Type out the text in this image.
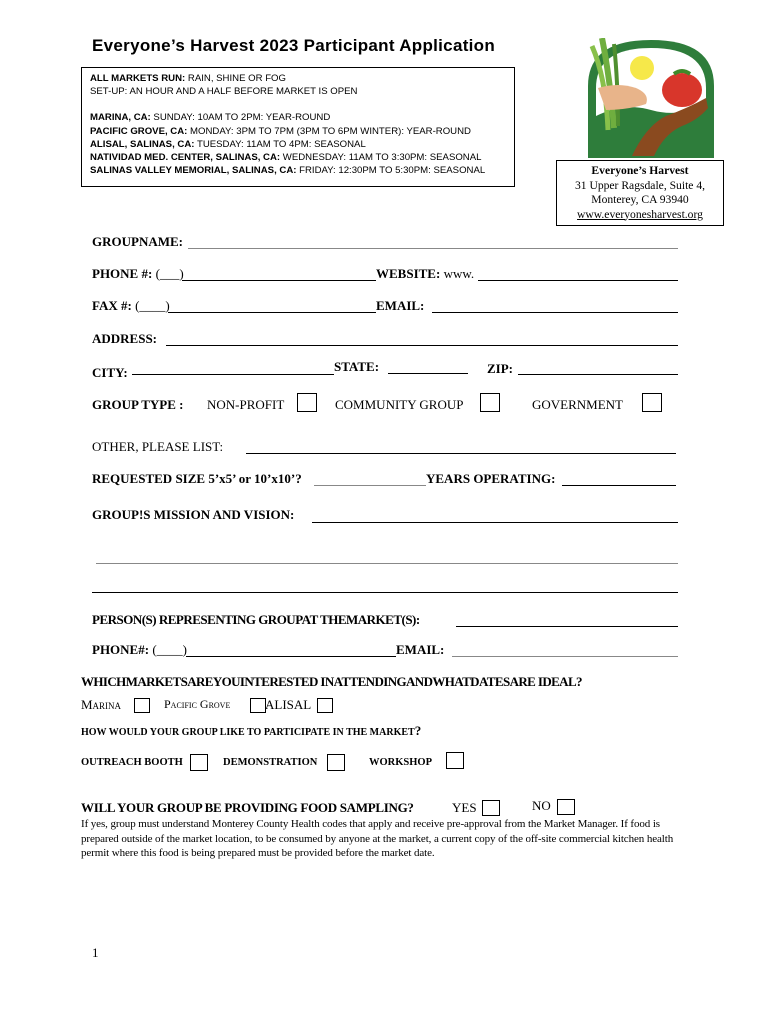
Everyone’s Harvest 2023 Participant Application
ALL MARKETS RUN: RAIN, SHINE OR FOG
SET-UP: AN HOUR AND A HALF BEFORE MARKET IS OPEN
MARINA, CA: SUNDAY: 10AM TO 2PM: YEAR-ROUND
PACIFIC GROVE, CA: MONDAY: 3PM TO 7PM (3PM TO 6PM WINTER): YEAR-ROUND
ALISAL, SALINAS, CA: TUESDAY: 11AM TO 4PM: SEASONAL
NATIVIDAD MED. CENTER, SALINAS, CA: WEDNESDAY: 11AM TO 3:30PM: SEASONAL
SALINAS VALLEY MEMORIAL, SALINAS, CA: FRIDAY: 12:30PM TO 5:30PM: SEASONAL	Everyone’s Harvest
31 Upper Ragsdale, Suite 4,
Monterey, CA 93940
www.everyonesharvest.org
GROUPNAME:
PHONE #: (___)	WEBSITE: www.
FAX #: (____)	EMAIL:
ADDRESS:
CITY:	STATE:	ZIP:
GROUP TYPE : NON-PROFIT	COMMUNITY GROUP	GOVERNMENT
OTHER, PLEASE LIST:
REQUESTED SIZE 5’x5’ or 10’x10’?	YEARS OPERATING:
GROUP!S MISSION AND VISION:
PERSON(S) REPRESENTING GROUPAT THEMARKET(S):
PHONE#: (____)	EMAIL:
WHICHMARKETSAREYOUINTERESTED INATTENDINGANDWHATDATESARE IDEAL?
Marina	Pacific Grove	ALISAL
HOW WOULD YOUR GROUP LIKE TO PARTICIPATE IN THE MARKET?
OUTREACH BOOTH	DEMONSTRATION	WORKSHOP
WILL YOUR GROUP BE PROVIDING FOOD SAMPLING?	YES	NO
If yes, group must understand Monterey County Health codes that apply and receive pre-approval from the Market Manager. If food is prepared outside of the market location, to be consumed by anyone at the market, a current copy of the off-site commercial kitchen health permit where this food is being prepared must be provided before the market date.
1
